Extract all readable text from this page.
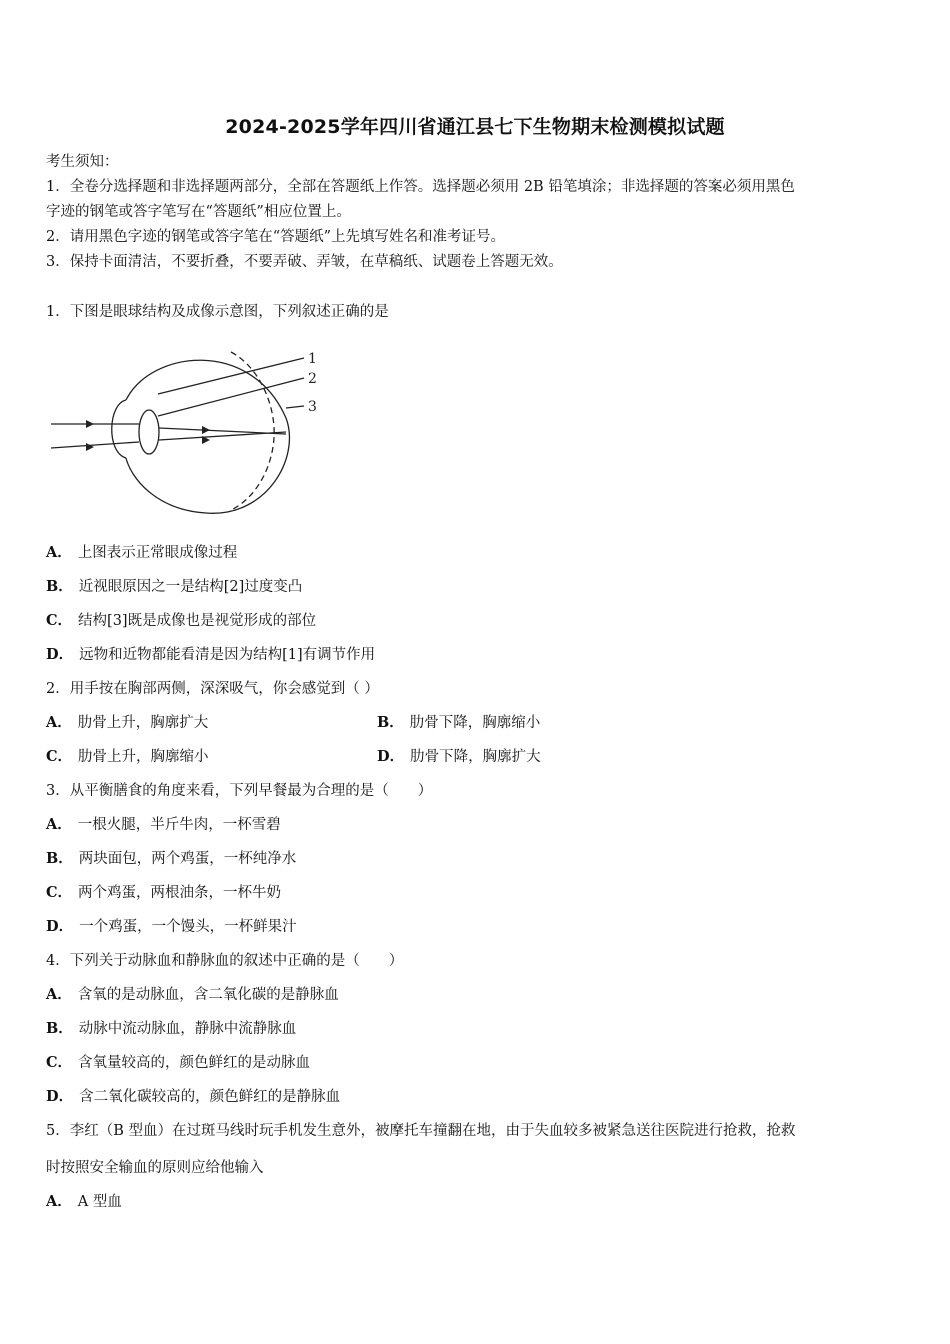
2024-2025学年四川省通江县七下生物期末检测模拟试题
考生须知：
1．全卷分选择题和非选择题两部分，全部在答题纸上作答。选择题必须用 2B 铅笔填涂；非选择题的答案必须用黑色
字迹的钢笔或答字笔写在“答题纸”相应位置上。
2．请用黑色字迹的钢笔或答字笔在“答题纸”上先填写姓名和准考证号。
3．保持卡面清洁，不要折叠，不要弄破、弄皱，在草稿纸、试题卷上答题无效。
1．下图是眼球结构及成像示意图，下列叙述正确的是
1
2
3
A． 上图表示正常眼成像过程
B． 近视眼原因之一是结构[2]过度变凸
C． 结构[3]既是成像也是视觉形成的部位
D． 远物和近物都能看清是因为结构[1]有调节作用
2．用手按在胸部两侧，深深吸气，你会感觉到（ ）
A． 肋骨上升，胸廓扩大	B． 肋骨下降，胸廓缩小
C． 肋骨上升，胸廓缩小	D． 肋骨下降，胸廓扩大
3．从平衡膳食的角度来看，下列早餐最为合理的是（　　）
A． 一根火腿，半斤牛肉，一杯雪碧
B． 两块面包，两个鸡蛋，一杯纯净水
C． 两个鸡蛋，两根油条，一杯牛奶
D． 一个鸡蛋，一个馒头，一杯鲜果汁
4．下列关于动脉血和静脉血的叙述中正确的是（　　）
A． 含氧的是动脉血，含二氧化碳的是静脉血
B． 动脉中流动脉血，静脉中流静脉血
C． 含氧量较高的，颜色鲜红的是动脉血
D． 含二氧化碳较高的，颜色鲜红的是静脉血
5．李红（B 型血）在过斑马线时玩手机发生意外，被摩托车撞翻在地，由于失血较多被紧急送往医院进行抢救，抢救
时按照安全输血的原则应给他输入
A． A 型血
